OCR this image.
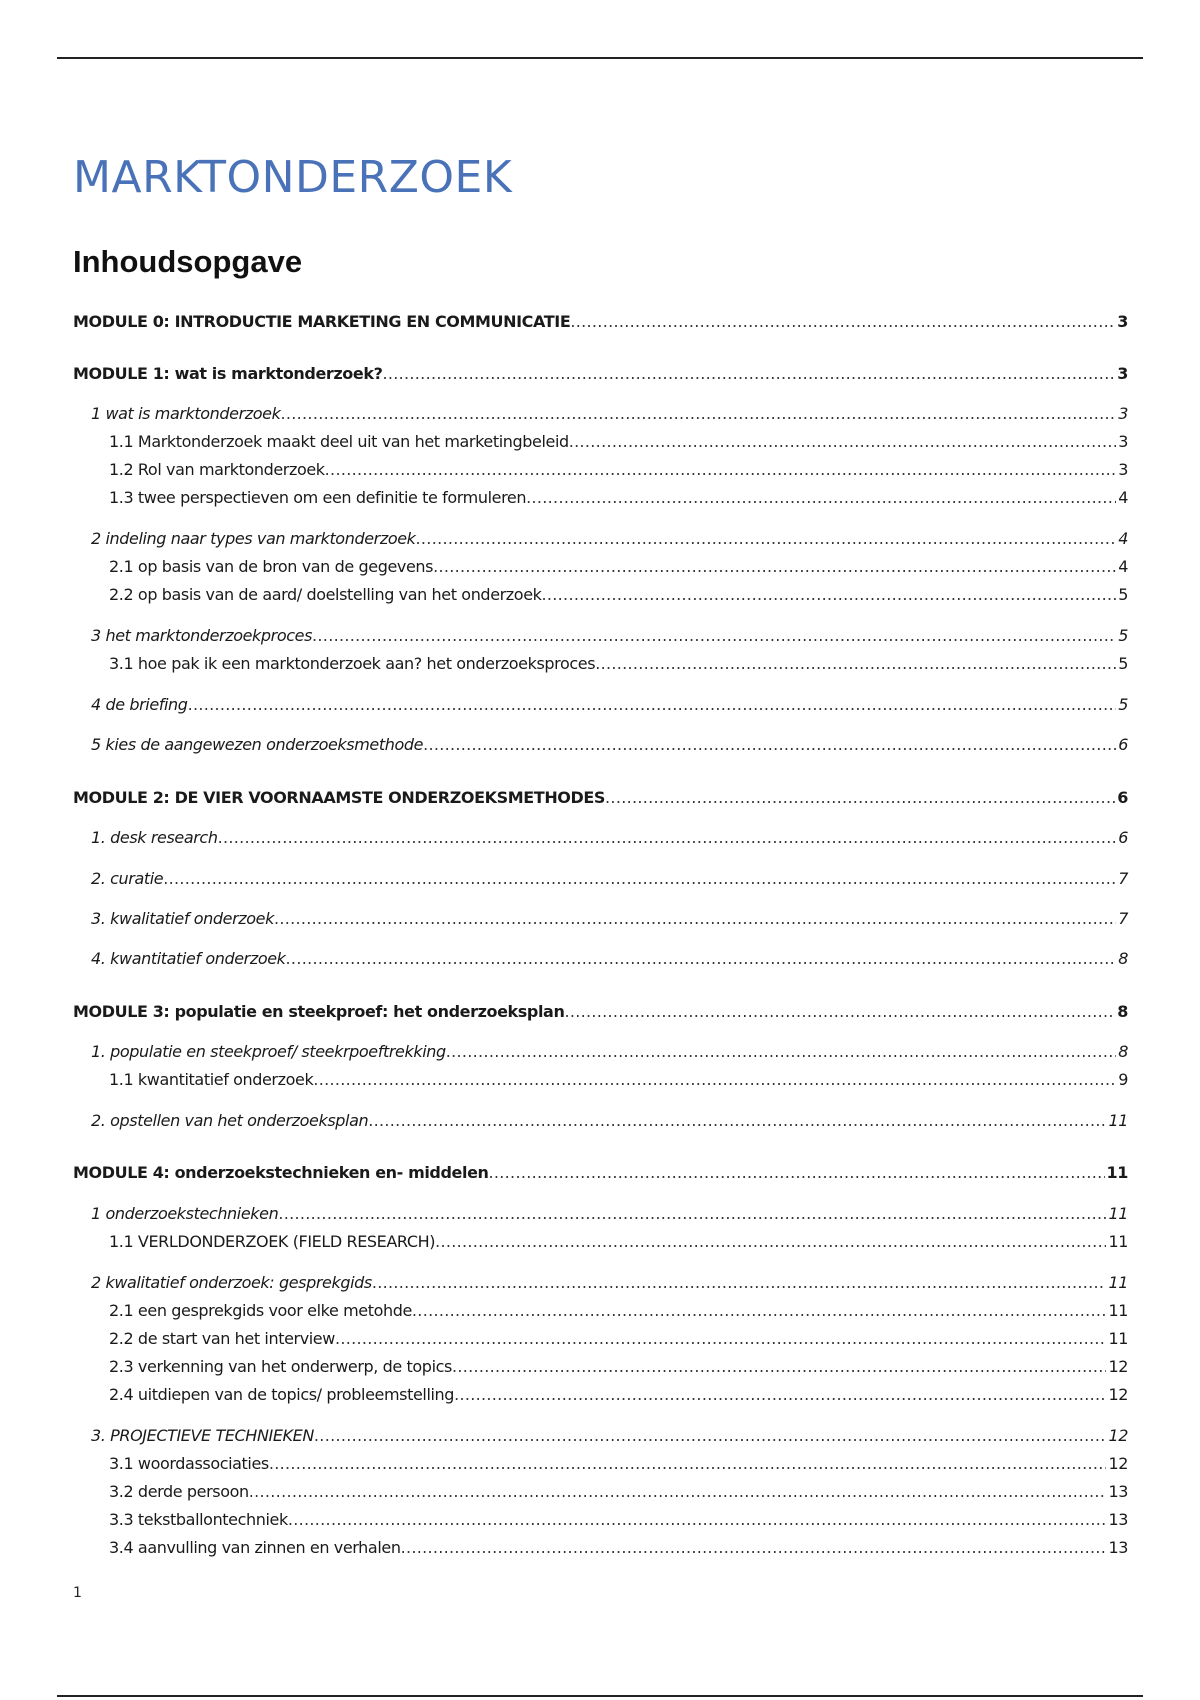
MARKTONDERZOEK
Inhoudsopgave
MODULE 0: INTRODUCTIE MARKETING EN COMMUNICATIE .....	3
MODULE 1: wat is marktonderzoek? .....	3
1 wat is marktonderzoek .....	3
1.1 Marktonderzoek maakt deel uit van het marketingbeleid .....	3
1.2 Rol van marktonderzoek .....	3
1.3 twee perspectieven om een definitie te formuleren .....	4
2 indeling naar types van marktonderzoek .....	4
2.1 op basis van de bron van de gegevens .....	4
2.2 op basis van de aard/ doelstelling van het onderzoek .....	5
3 het marktonderzoekproces .....	5
3.1 hoe pak ik een marktonderzoek aan? het onderzoeksproces .....	5
4 de briefing .....	5
5 kies de aangewezen onderzoeksmethode .....	6
MODULE 2: DE VIER VOORNAAMSTE ONDERZOEKSMETHODES .....	6
1. desk research .....	6
2. curatie .....	7
3. kwalitatief onderzoek .....	7
4. kwantitatief onderzoek .....	8
MODULE 3: populatie en steekproef: het onderzoeksplan .....	8
1. populatie en steekproef/ steekrpoeftrekking .....	8
1.1 kwantitatief onderzoek .....	9
2. opstellen van het onderzoeksplan .....	11
MODULE 4: onderzoekstechnieken en- middelen .....	11
1 onderzoekstechnieken .....	11
1.1 VERLDONDERZOEK (FIELD RESEARCH) .....	11
2 kwalitatief onderzoek: gesprekgids .....	11
2.1 een gesprekgids voor elke metohde .....	11
2.2 de start van het interview .....	11
2.3 verkenning van het onderwerp, de topics .....	12
2.4 uitdiepen van de topics/ probleemstelling .....	12
3. PROJECTIEVE TECHNIEKEN .....	12
3.1 woordassociaties .....	12
3.2 derde persoon .....	13
3.3 tekstballontechniek .....	13
3.4 aanvulling van zinnen en verhalen .....	13
1
